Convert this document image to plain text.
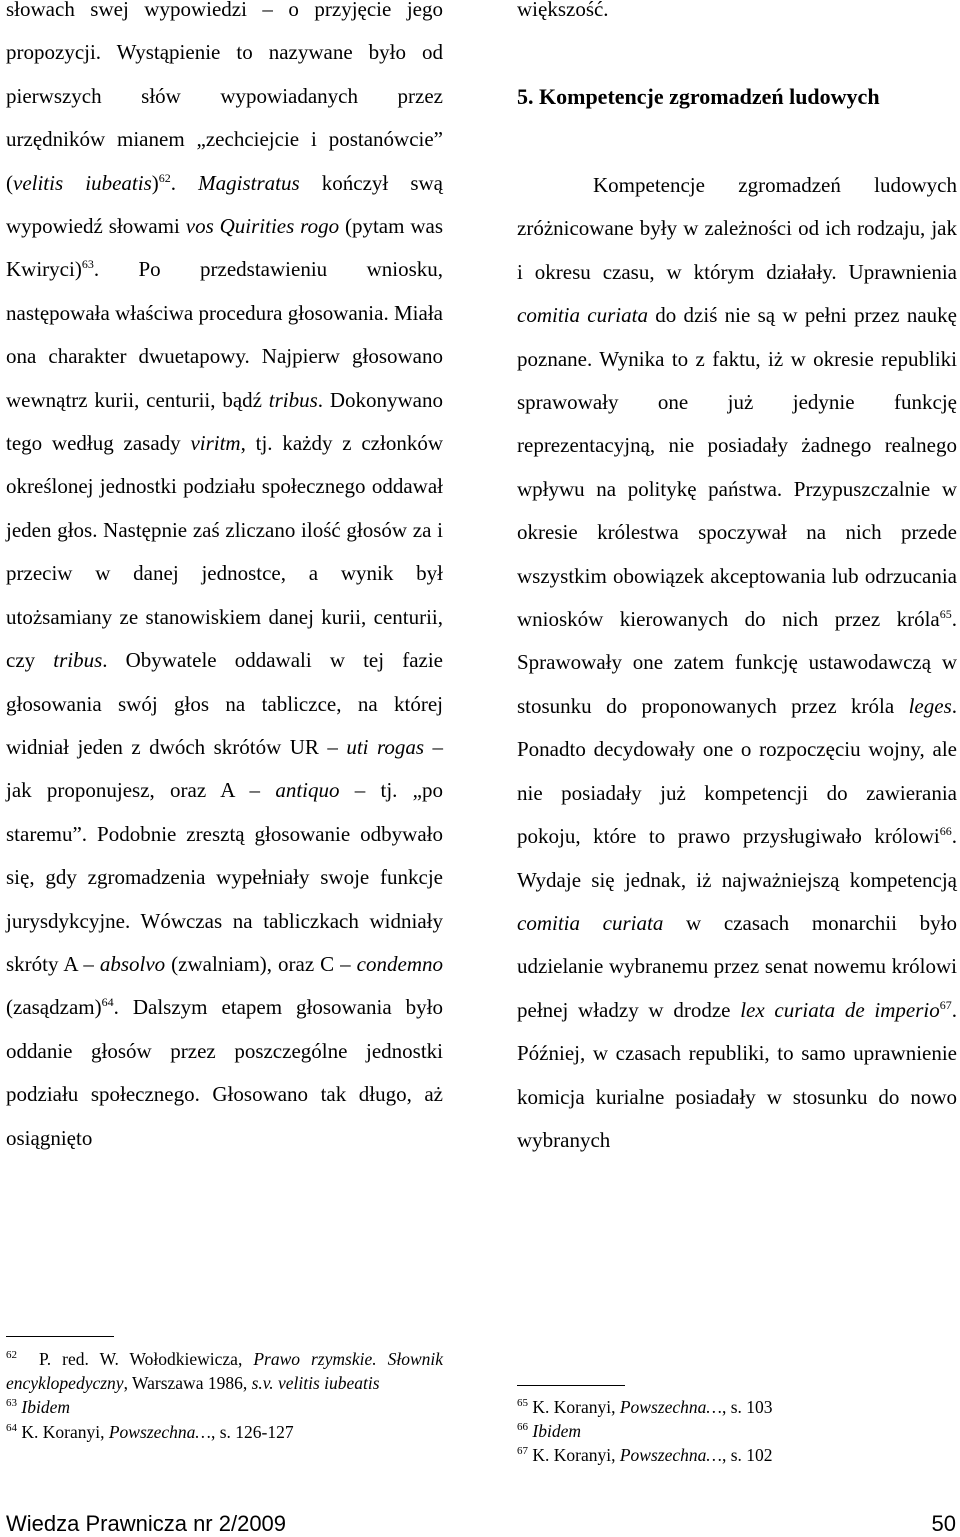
słowach swej wypowiedzi – o przyjęcie jego propozycji. Wystąpienie to nazywane było od pierwszych słów wypowiadanych przez urzędników mianem „zechciejcie i postanówcie” (velitis iubeatis)$^{62}$. Magistratus kończył swą wypowiedź słowami vos Quirities rogo (pytam was Kwiryci)$^{63}$. Po przedstawieniu wniosku, następowała właściwa procedura głosowania. Miała ona charakter dwuetapowy. Najpierw głosowano wewnątrz kurii, centurii, bądź tribus. Dokonywano tego według zasady viritm, tj. każdy z członków określonej jednostki podziału społecznego oddawał jeden głos. Następnie zaś zliczano ilość głosów za i przeciw w danej jednostce, a wynik był utożsamiany ze stanowiskiem danej kurii, centurii, czy tribus. Obywatele oddawali w tej fazie głosowania swój głos na tabliczce, na której widniał jeden z dwóch skrótów UR – uti rogas – jak proponujesz, oraz A – antiquo – tj. „po staremu”. Podobnie zresztą głosowanie odbywało się, gdy zgromadzenia wypełniały swoje funkcje jurysdykcyjne. Wówczas na tabliczkach widniały skróty A – absolvo (zwalniam), oraz C – condemno (zasądzam)$^{64}$. Dalszym etapem głosowania było oddanie głosów przez poszczególne jednostki podziału społecznego. Głosowano tak długo, aż osiągnięto

$^{62}$ P. red. W. Wołodkiewicza, Prawo rzymskie. Słownik encyklopedyczny, Warszawa 1986, s.v. velitis iubeatis

$^{63}$ Ibidem

$^{64}$ K. Koranyi, Powszechna…, s. 126-127

większość.
5. Kompetencje zgromadzeń ludowych
Kompetencje zgromadzeń ludowych zróżnicowane były w zależności od ich rodzaju, jak i okresu czasu, w którym działały. Uprawnienia comitia curiata do dziś nie są w pełni przez naukę poznane. Wynika to z faktu, iż w okresie republiki sprawowały one już jedynie funkcję reprezentacyjną, nie posiadały żadnego realnego wpływu na politykę państwa. Przypuszczalnie w okresie królestwa spoczywał na nich przede wszystkim obowiązek akceptowania lub odrzucania wniosków kierowanych do nich przez króla$^{65}$. Sprawowały one zatem funkcję ustawodawczą w stosunku do proponowanych przez króla leges. Ponadto decydowały one o rozpoczęciu wojny, ale nie posiadały już kompetencji do zawierania pokoju, które to prawo przysługiwało królowi$^{66}$. Wydaje się jednak, iż najważniejszą kompetencją comitia curiata w czasach monarchii było udzielanie wybranemu przez senat nowemu królowi pełnej władzy w drodze lex curiata de imperio$^{67}$. Później, w czasach republiki, to samo uprawnienie komicja kurialne posiadały w stosunku do nowo wybranych

$^{65}$ K. Koranyi, Powszechna…, s. 103

$^{66}$ Ibidem

$^{67}$ K. Koranyi, Powszechna…, s. 102

Wiedza Prawnicza nr 2/2009	50
